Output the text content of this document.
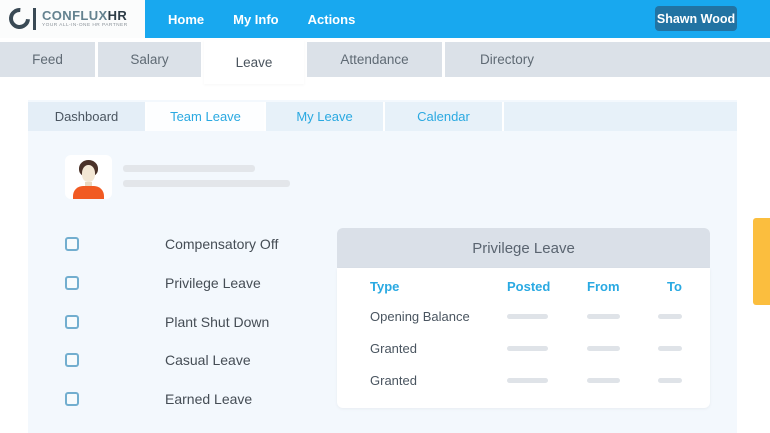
Home My Info Actions	Shawn Wood
CONFLUXHR
YOUR ALL-IN-ONE HR PARTNER
Feed	Salary	Leave	Attendance	Directory
Dashboard	Team Leave	My Leave	Calendar
Compensatory Off
Privilege Leave
Plant Shut Down
Casual Leave
Earned Leave
Privilege Leave
Type	Posted	From	To
Opening Balance
Granted
Granted
